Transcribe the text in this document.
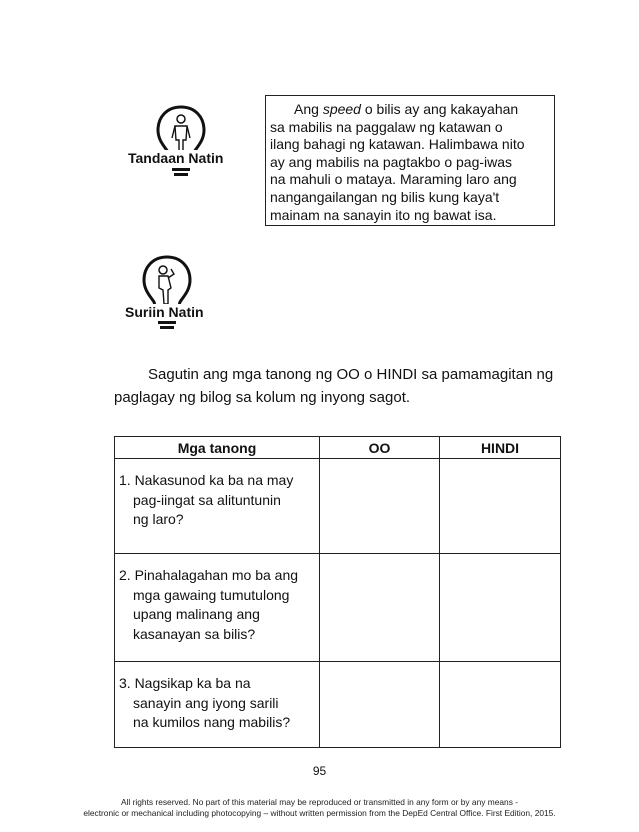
Tandaan Natin

Ang speed o bilis ay ang kakayahan
sa mabilis na paggalaw ng katawan o
ilang bahagi ng katawan. Halimbawa nito
ay ang mabilis na pagtakbo o pag-iwas
na mahuli o mataya. Maraming laro ang
nangangailangan ng bilis kung kaya't
mainam na sanayin ito ng bawat isa.

Suriin Natin
Sagutin ang mga tanong ng OO o HINDI sa pamamagitan ng
paglagay ng bilog sa kolum ng inyong sagot.
Mga tanong	OO	HINDI

1. Nakasunod ka ba na may
pag-iingat sa alituntunin
ng laro?		

2. Pinahalagahan mo ba ang
mga gawaing tumutulong
upang malinang ang
kasanayan sa bilis?		

3. Nagsikap ka ba na
sanayin ang iyong sarili
na kumilos nang mabilis?		

95
All rights reserved. No part of this material may be reproduced or transmitted in any form or by any means -
electronic or mechanical including photocopying – without written permission from the DepEd Central Office. First Edition, 2015.
